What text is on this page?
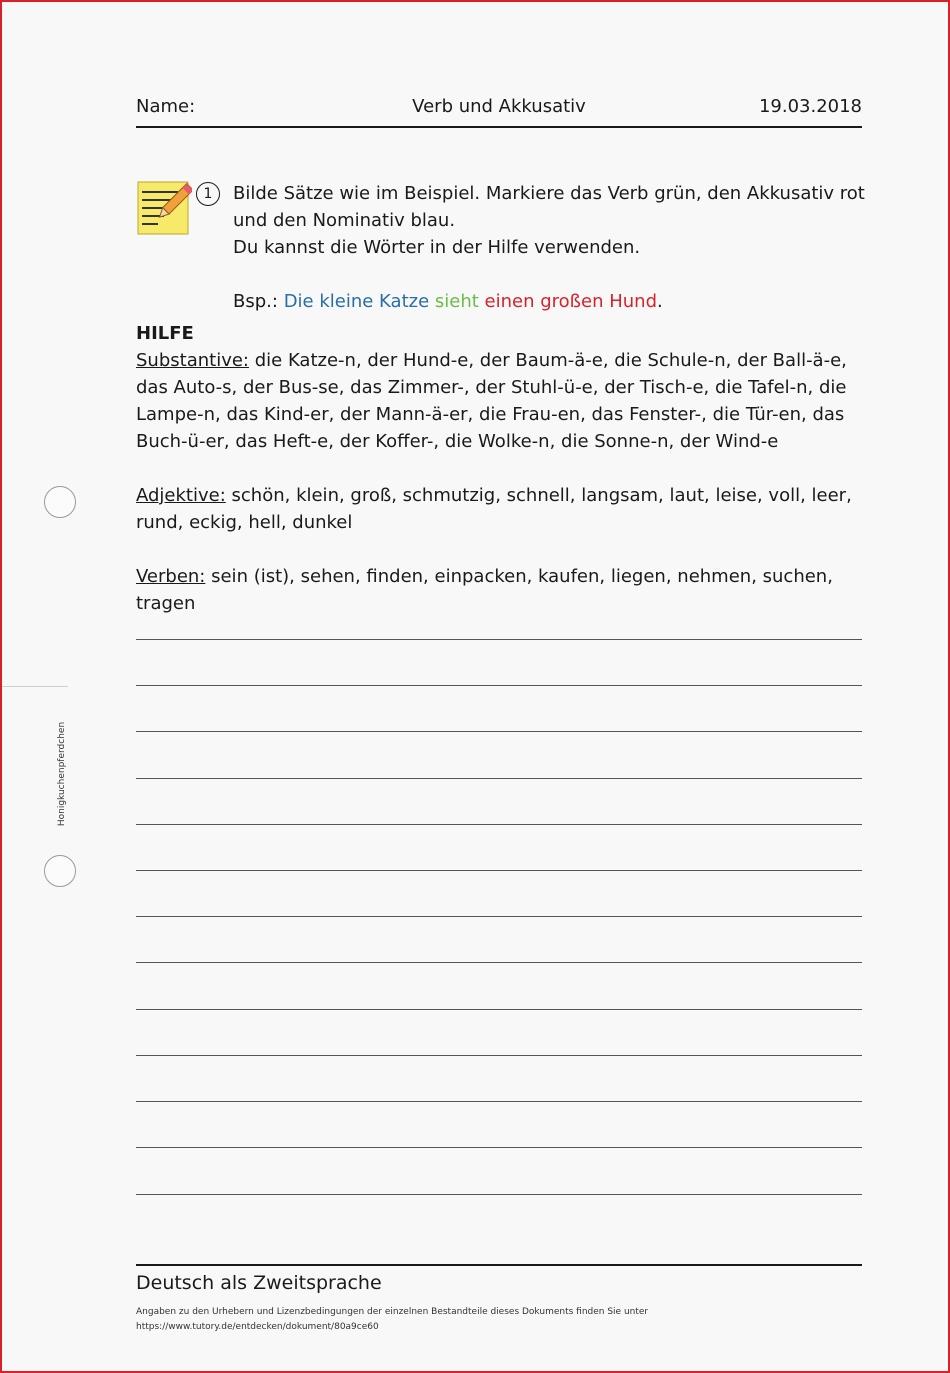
Name:	Verb und Akkusativ	19.03.2018
1	Bilde Sätze wie im Beispiel. Markiere das Verb grün, den Akkusativ rot

und den Nominativ blau.

Du kannst die Wörter in der Hilfe verwenden.

Bsp.: Die kleine Katze sieht einen großen Hund.

HILFE

Substantive: die Katze-n, der Hund-e, der Baum-ä-e, die Schule-n, der Ball-ä-e,

das Auto-s, der Bus-se, das Zimmer-, der Stuhl-ü-e, der Tisch-e, die Tafel-n, die

Lampe-n, das Kind-er, der Mann-ä-er, die Frau-en, das Fenster-, die Tür-en, das

Buch-ü-er, das Heft-e, der Koffer-, die Wolke-n, die Sonne-n, der Wind-e

Adjektive: schön, klein, groß, schmutzig, schnell, langsam, laut, leise, voll, leer,

rund, eckig, hell, dunkel

Verben: sein (ist), sehen, finden, einpacken, kaufen, liegen, nehmen, suchen,

tragen

Honigkuchenpferdchen
Deutsch als Zweitsprache

Angaben zu den Urhebern und Lizenzbedingungen der einzelnen Bestandteile dieses Dokuments finden Sie unter

https://www.tutory.de/entdecken/dokument/80a9ce60
